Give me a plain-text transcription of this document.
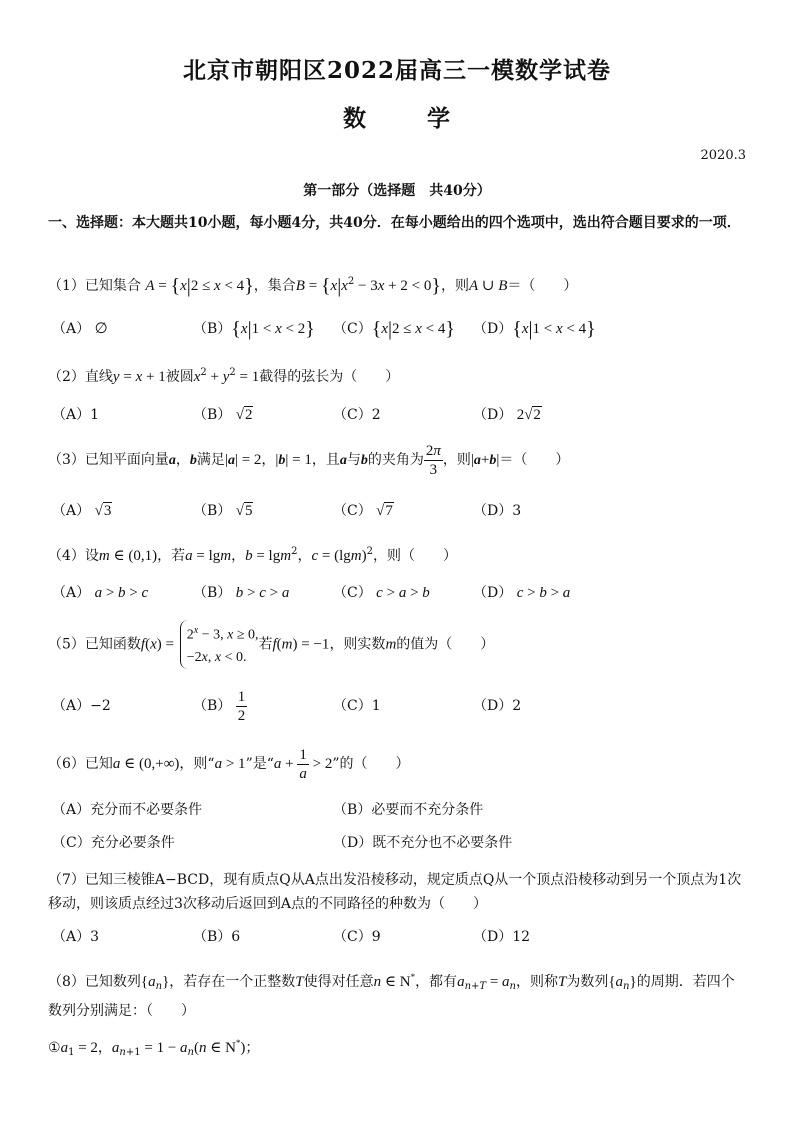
北京市朝阳区2022届高三一模数学试卷
数	学
2020.3
第一部分（选择题　共40分）
一、选择题：本大题共10小题，每小题4分，共40分．在每小题给出的四个选项中，选出符合题目要求的一项．
（1）已知集合 A = {x|2 ≤ x < 4}，集合$B = \{x|x^2 - 3x + 2 < 0\}$，则A ∪ B＝（　　）
（A） ∅	（B）{x|1 < x < 2} （C）{x|2 ≤ x < 4} （D）{x|1 < x < 4}
（2）直线y = x + 1被圆$x^2 + y^2 = 1$截得的弦长为（　　）
（A）1	（B） √2	（C）2	（D） 2√2
（3）已知平面向量a，b满足|a| = 2，|b| = 1，且a与b的夹角为 $\frac{2\pi}{3}$ ，则|a+b|＝（　　）
（A） √3	（B） √5	（C） √7	（D）3
（4）设m ∈ (0,1)，若a = lgm，b = lgm$^2$，$c = (\lg m)^2$，则（　　）
（A） a > b > c	（B） b > c > a	（C） c > a > b	（D） c > b > a
（5）已知函数f(x) =
$2^x - 3$, x ≥ 0,
−2x, x < 0.
若f(m) = −1，则实数m的值为（　　）
（A）−2	$(B) \frac{1}{2}$	（C）1	（D）2
（6）已知a ∈ (0,+∞)，则“a > 1”是“$a + \frac{1}{a} > 2$”的（　　）
（A）充分而不必要条件	（B）必要而不充分条件
（C）充分必要条件	（D）既不充分也不必要条件
（7）已知三棱锥A−BCD，现有质点Q从A点出发沿棱移动，规定质点Q从一个顶点沿棱移动到另一个顶点为1次移动，则该质点经过3次移动后返回到A点的不同路径的种数为（　　）
（A）3	（B）6	（C）9	（D）12
（8）已知数列$\{a_n\}$，若存在一个正整数T使得对任意n ∈ N*，都有$a_{n+T} = a_n$，则称T为数列$\{a_n\}$的周期．若四个数列分别满足：（　　）
$①a_1 = 2$，$a_{n+1} = 1 - a_n(n$ ∈ N*)；
